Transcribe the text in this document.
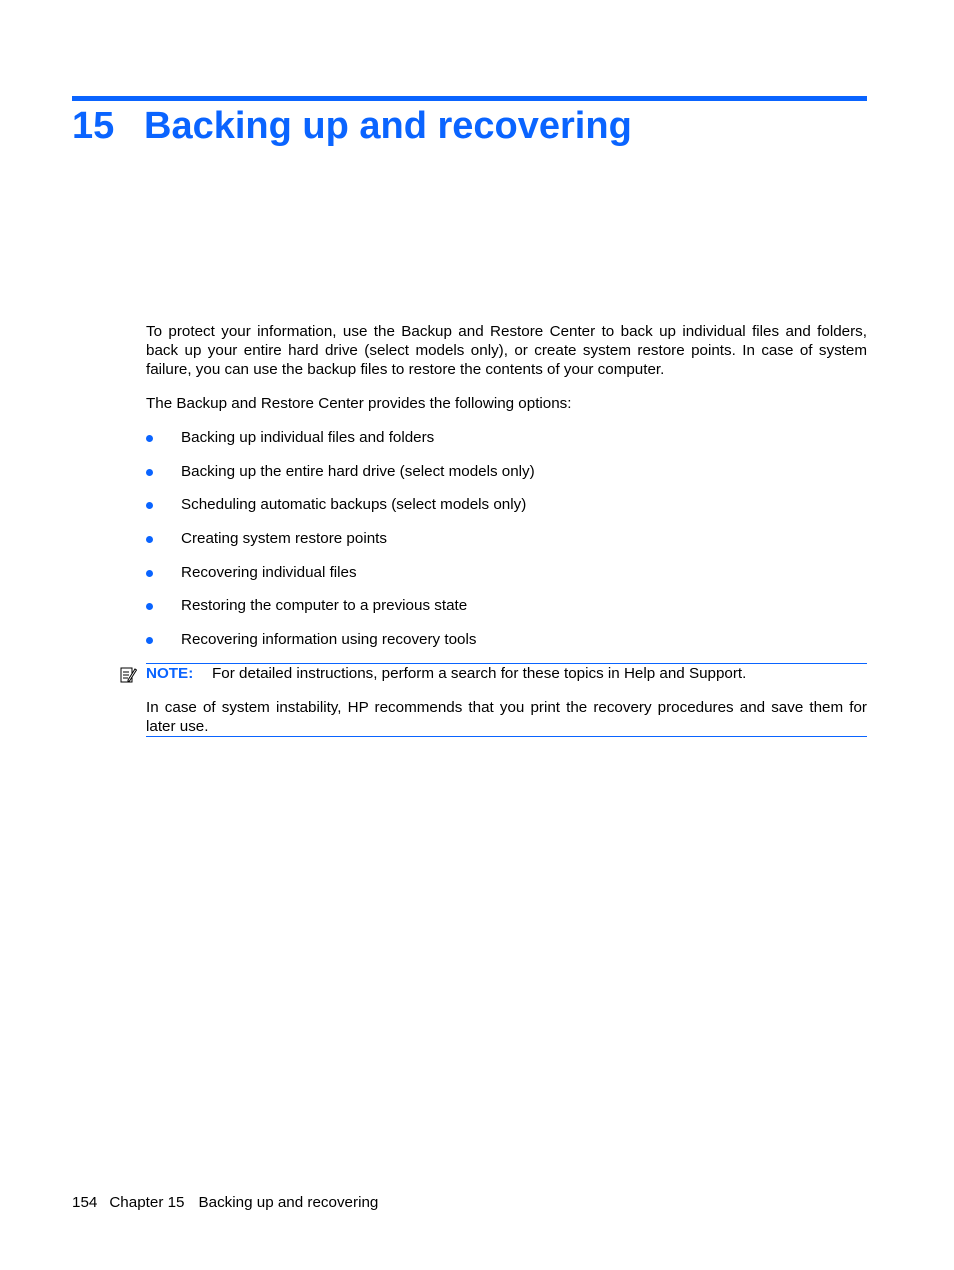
15 Backing up and recovering
To protect your information, use the Backup and Restore Center to back up individual files and folders, back up your entire hard drive (select models only), or create system restore points. In case of system failure, you can use the backup files to restore the contents of your computer.
The Backup and Restore Center provides the following options:
Backing up individual files and folders
Backing up the entire hard drive (select models only)
Scheduling automatic backups (select models only)
Creating system restore points
Recovering individual files
Restoring the computer to a previous state
Recovering information using recovery tools
NOTE: For detailed instructions, perform a search for these topics in Help and Support.
In case of system instability, HP recommends that you print the recovery procedures and save them for later use.
154 Chapter 15 Backing up and recovering
